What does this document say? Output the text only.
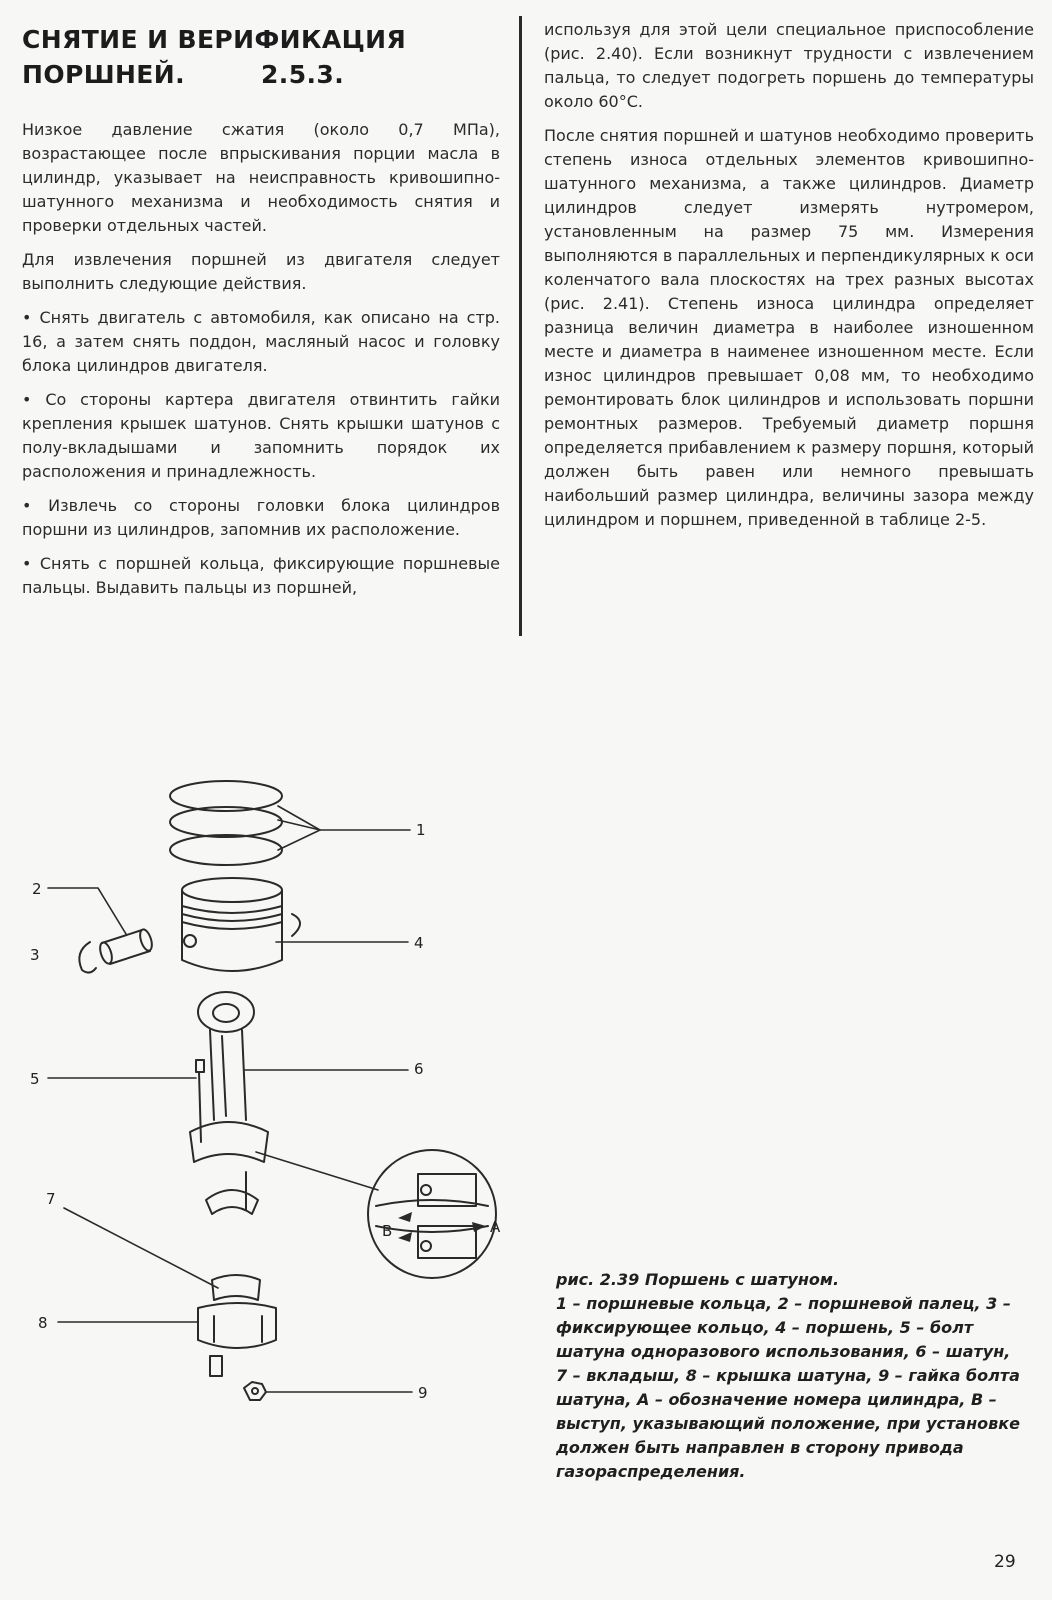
СНЯТИЕ И ВЕРИФИКАЦИЯ
ПОРШНЕЙ.	2.5.3.

Низкое давление сжатия (около 0,7 МПа), возрастающее после впрыскивания порции масла в цилиндр, указывает на неисправность кривошипно-шатунного механизма и необходимость снятия и проверки отдельных частей.

Для извлечения поршней из двигателя следует выполнить следующие действия.

• Снять двигатель с автомобиля, как описано на стр. 16, а затем снять поддон, масляный насос и головку блока цилиндров двигателя.

• Со стороны картера двигателя отвинтить гайки крепления крышек шатунов. Снять крышки шатунов с полу-вкладышами и запомнить порядок их расположения и принадлежность.

• Извлечь со стороны головки блока цилиндров поршни из цилиндров, запомнив их расположение.

• Снять с поршней кольца, фиксирующие поршневые пальцы. Выдавить пальцы из поршней,

используя для этой цели специальное приспособление (рис. 2.40). Если возникнут трудности с извлечением пальца, то следует подогреть поршень до температуры около 60°С.

После снятия поршней и шатунов необходимо проверить степень износа отдельных элементов кривошипно-шатунного механизма, а также цилиндров. Диаметр цилиндров следует измерять нутромером, установленным на размер 75 мм. Измерения выполняются в параллельных и перпендикулярных к оси коленчатого вала плоскостях на трех разных высотах (рис. 2.41). Степень износа цилиндра определяет разница величин диаметра в наиболее изношенном месте и диаметра в наименее изношенном месте. Если износ цилиндров превышает 0,08 мм, то необходимо ремонтировать блок цилиндров и использовать поршни ремонтных размеров. Требуемый диаметр поршня определяется прибавлением к размеру поршня, который должен быть равен или немного превышать наибольший размер цилиндра, величины зазора между цилиндром и поршнем, приведенной в таблице 2-5.

1
2
3
4
5
6
7
8
9
A
B
рис. 2.39 Поршень с шатуном.
1 – поршневые кольца, 2 – поршневой палец, 3 – фиксирующее кольцо, 4 – поршень, 5 – болт шатуна одноразового использования, 6 – шатун, 7 – вкладыш, 8 – крышка шатуна, 9 – гайка болта шатуна, А – обозначение номера цилиндра, В – выступ, указывающий положение, при установке должен быть направлен в сторону привода газораспределения.
29
